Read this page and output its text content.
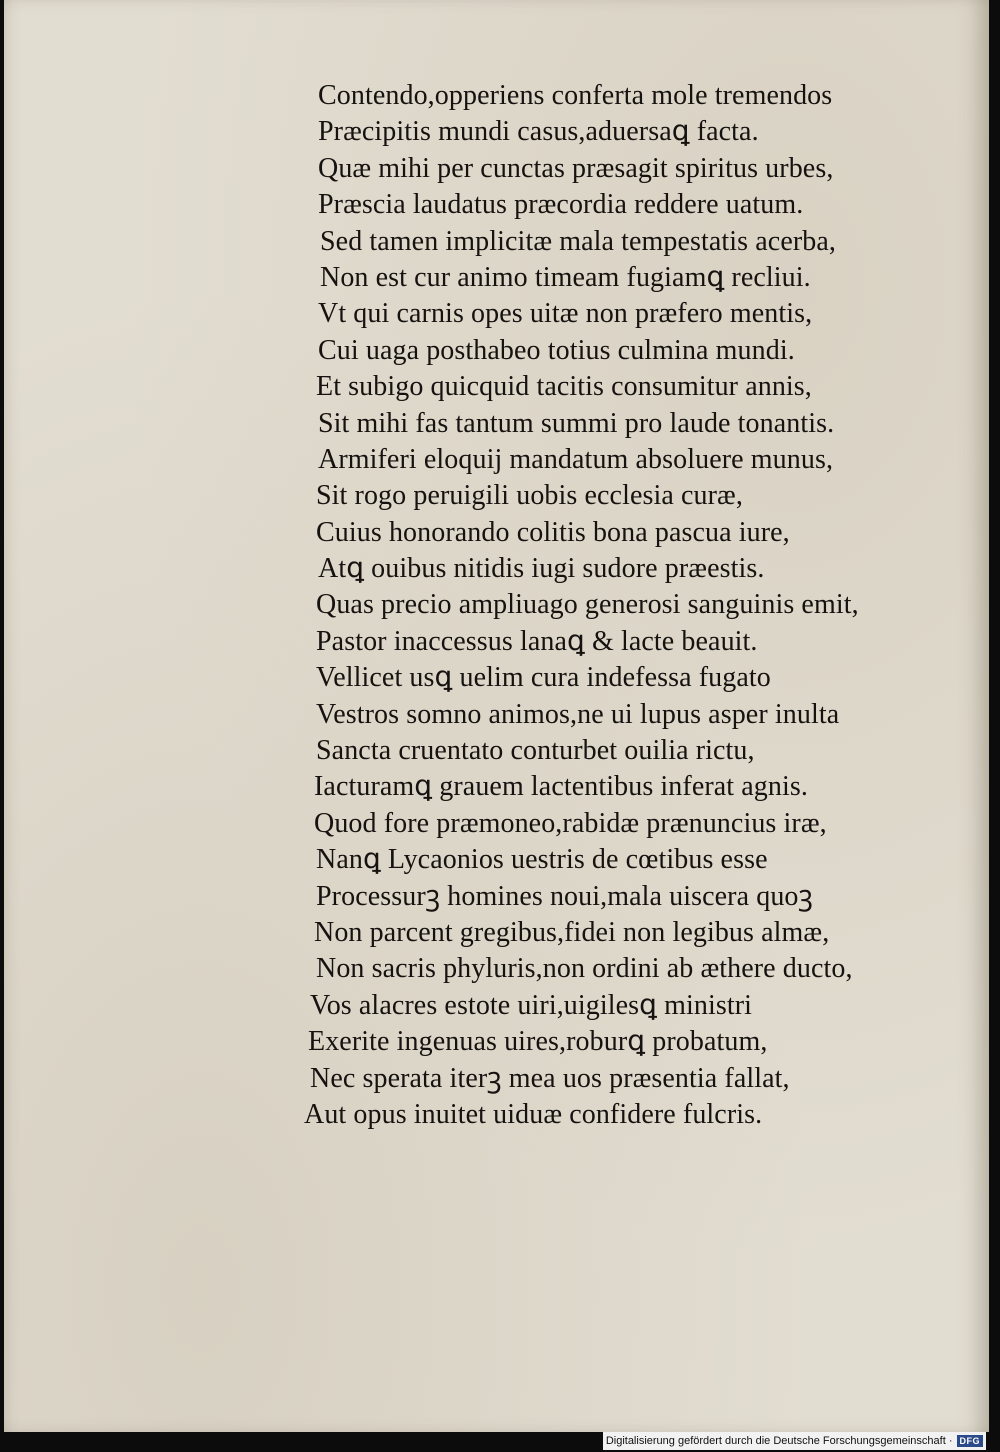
Contendo,opperiens conferta mole tremendos
Præcipitis mundi casus,aduersaꝗ facta.
Quæ mihi per cunctas præsagit spiritus urbes,
Præscia laudatus præcordia reddere uatum.
Sed tamen implicitæ mala tempestatis acerba,
Non est cur animo timeam fugiamꝗ recliui.
Vt qui carnis opes uitæ non præfero mentis,
Cui uaga posthabeo totius culmina mundi.
Et subigo quicquid tacitis consumitur annis,
Sit mihi fas tantum summi pro laude tonantis.
Armiferi eloquij mandatum absoluere munus,
Sit rogo peruigili uobis ecclesia curæ,
Cuius honorando colitis bona pascua iure,
Atꝗ ouibus nitidis iugi sudore præestis.
Quas precio ampliuago generosi sanguinis emit,
Pastor inaccessus lanaꝗ & lacte beauit.
Vellicet usꝗ uelim cura indefessa fugato
Vestros somno animos,ne ui lupus asper inulta
Sancta cruentato conturbet ouilia rictu,
Iacturamꝗ grauem lactentibus inferat agnis.
Quod fore præmoneo,rabidæ prænuncius iræ,
Nanꝗ Lycaonios uestris de cœtibus esse
Processurꝫ homines noui,mala uiscera quoꝫ
Non parcent gregibus,fidei non legibus almæ,
Non sacris phyluris,non ordini ab æthere ducto,
Vos alacres estote uiri,uigilesꝗ ministri
Exerite ingenuas uires,roburꝗ probatum,
Nec sperata iterꝫ mea uos præsentia fallat,
Aut opus inuitet uiduæ confidere fulcris.
Digitalisierung gefördert durch die Deutsche Forschungsgemeinschaft · DFG
